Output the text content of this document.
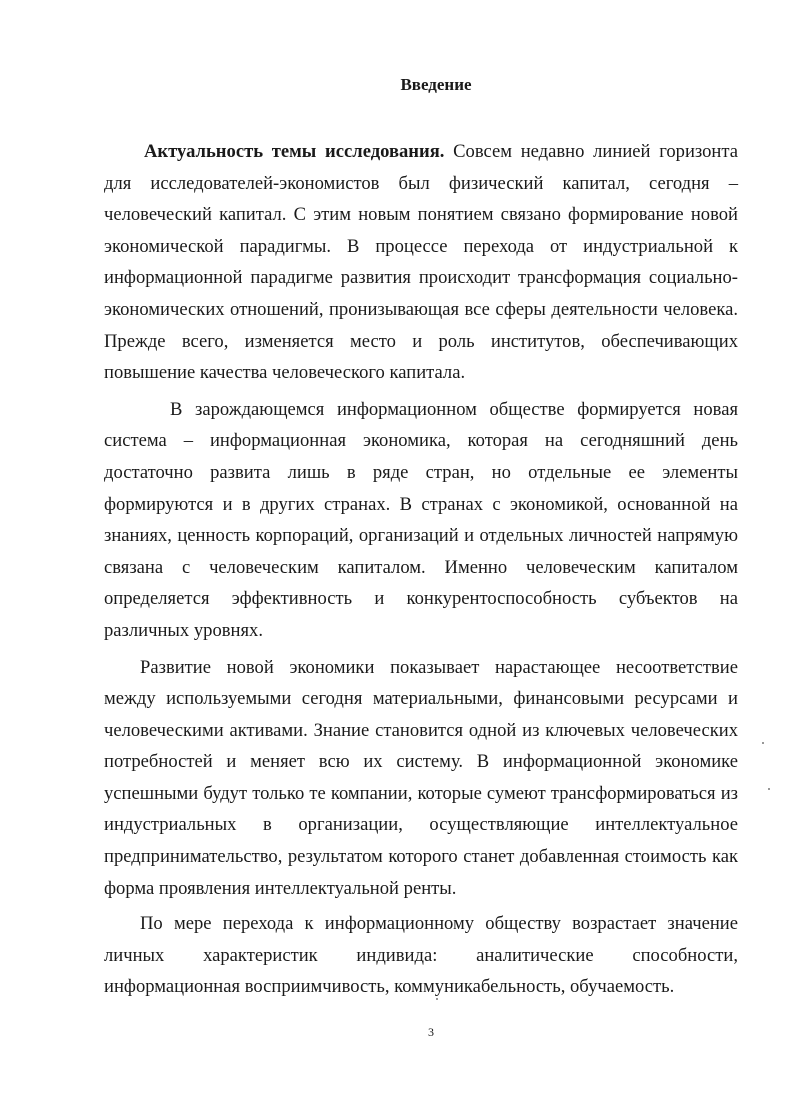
Введение

Актуальность темы исследования. Совсем недавно линией горизонта для исследователей-экономистов был физический капитал, сегодня – человеческий капитал. С этим новым понятием связано формирование новой экономической парадигмы. В процессе перехода от индустриальной к информационной парадигме развития происходит трансформация социально-экономических отношений, пронизывающая все сферы деятельности человека. Прежде всего, изменяется место и роль институтов, обеспечивающих повышение качества человеческого капитала.

В зарождающемся информационном обществе формируется новая система – информационная экономика, которая на сегодняшний день достаточно развита лишь в ряде стран, но отдельные ее элементы формируются и в других странах. В странах с экономикой, основанной на знаниях, ценность корпораций, организаций и отдельных личностей напрямую связана с человеческим капиталом. Именно человеческим капиталом определяется эффективность и конкурентоспособность субъектов на различных уровнях.

Развитие новой экономики показывает нарастающее несоответствие между используемыми сегодня материальными, финансовыми ресурсами и человеческими активами. Знание становится одной из ключевых человеческих потребностей и меняет всю их систему. В информационной экономике успешными будут только те компании, которые сумеют трансформироваться из индустриальных в организации, осуществляющие интеллектуальное предпринимательство, результатом которого станет добавленная стоимость как форма проявления интеллектуальной ренты.

По мере перехода к информационному обществу возрастает значение личных характеристик индивида: аналитические способности, информационная восприимчивость, коммуникабельность, обучаемость.

3
